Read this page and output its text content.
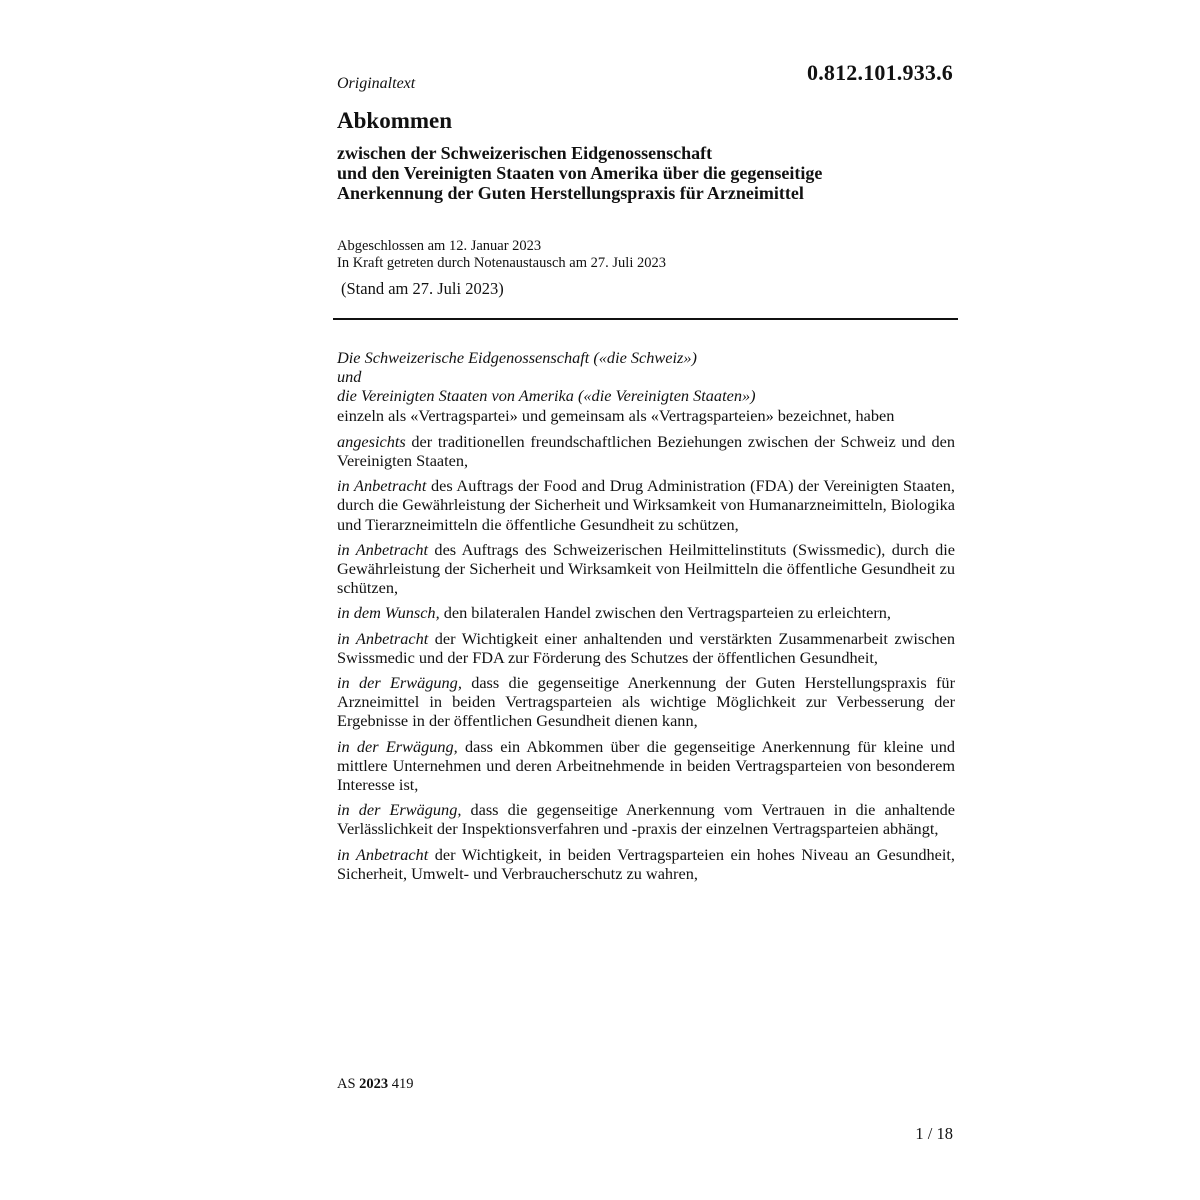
0.812.101.933.6
Originaltext
Abkommen
zwischen der Schweizerischen Eidgenossenschaft
und den Vereinigten Staaten von Amerika über die gegenseitige
Anerkennung der Guten Herstellungspraxis für Arzneimittel
Abgeschlossen am 12. Januar 2023
In Kraft getreten durch Notenaustausch am 27. Juli 2023
(Stand am 27. Juli 2023)
Die Schweizerische Eidgenossenschaft («die Schweiz»)
und
die Vereinigten Staaten von Amerika («die Vereinigten Staaten»)

einzeln als «Vertragspartei» und gemeinsam als «Vertragsparteien» bezeichnet, haben

angesichts der traditionellen freundschaftlichen Beziehungen zwischen der Schweiz und den Vereinigten Staaten,

in Anbetracht des Auftrags der Food and Drug Administration (FDA) der Vereinigten Staaten, durch die Gewährleistung der Sicherheit und Wirksamkeit von Humanarzneimitteln, Biologika und Tierarzneimitteln die öffentliche Gesundheit zu schützen,

in Anbetracht des Auftrags des Schweizerischen Heilmittelinstituts (Swissmedic), durch die Gewährleistung der Sicherheit und Wirksamkeit von Heilmitteln die öffentliche Gesundheit zu schützen,

in dem Wunsch, den bilateralen Handel zwischen den Vertragsparteien zu erleichtern,

in Anbetracht der Wichtigkeit einer anhaltenden und verstärkten Zusammenarbeit zwischen Swissmedic und der FDA zur Förderung des Schutzes der öffentlichen Gesundheit,

in der Erwägung, dass die gegenseitige Anerkennung der Guten Herstellungspraxis für Arzneimittel in beiden Vertragsparteien als wichtige Möglichkeit zur Verbesserung der Ergebnisse in der öffentlichen Gesundheit dienen kann,

in der Erwägung, dass ein Abkommen über die gegenseitige Anerkennung für kleine und mittlere Unternehmen und deren Arbeitnehmende in beiden Vertragsparteien von besonderem Interesse ist,

in der Erwägung, dass die gegenseitige Anerkennung vom Vertrauen in die anhaltende Verlässlichkeit der Inspektionsverfahren und -praxis der einzelnen Vertragsparteien abhängt,

in Anbetracht der Wichtigkeit, in beiden Vertragsparteien ein hohes Niveau an Gesundheit, Sicherheit, Umwelt- und Verbraucherschutz zu wahren,

AS 2023 419
1 / 18
